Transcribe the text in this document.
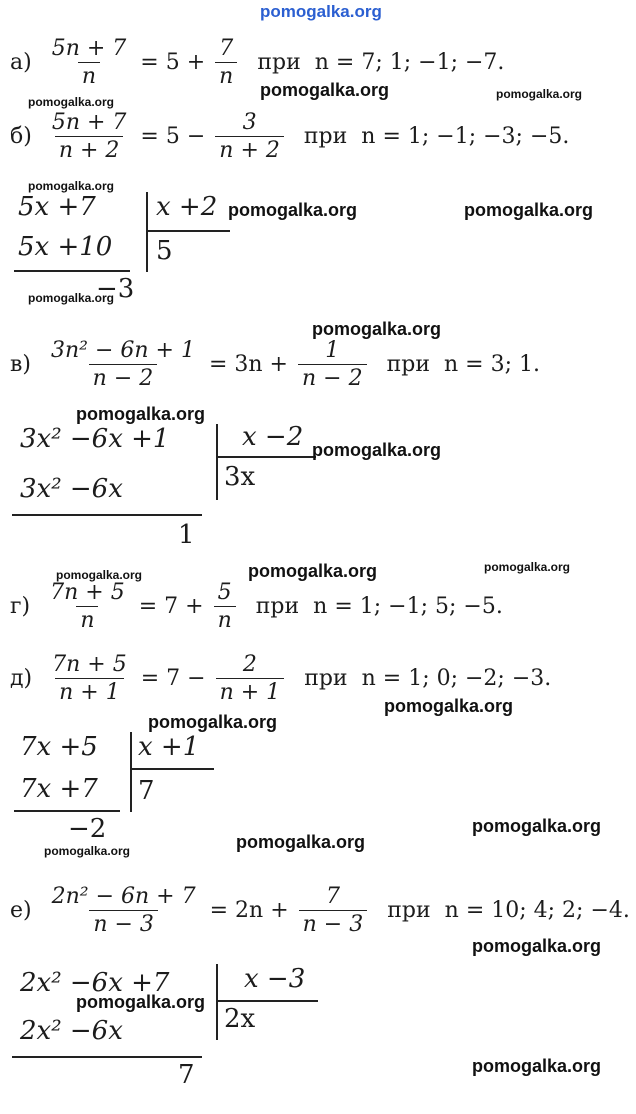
pomogalka.org
$а) \frac{5n + 7}{n} = 5 + \frac{7}{n}$ при n = 7; 1; −1; −7.
pomogalka.org	pomogalka.org
pomogalka.org
$б) \frac{5n + 7}{n + 2} = 5 - \frac{3}{n + 2}$ при n = 1; −1; −3; −5.
pomogalka.org
5x +7
5x +10
x +2
5
−3
pomogalka.org	pomogalka.org
pomogalka.org
pomogalka.org
$в) \frac{\text{3n² − 6n + 1}}{n - 2} = 3n + \frac{1}{n - 2}$ при n = 3; 1.
pomogalka.org
3x² −6x +1
3x² −6x
x −2
3x
1
pomogalka.org
pomogalka.org	pomogalka.org
pomogalka.org
$г) \frac{7n + 5}{n} = 7 + \frac{5}{n}$ при n = 1; −1; 5; −5.
$д) \frac{7n + 5}{n + 1} = 7 - \frac{2}{n + 1}$ при n = 1; 0; −2; −3.
pomogalka.org
pomogalka.org
7x +5
7x +7
x +1
7
−2	pomogalka.org
pomogalka.org
pomogalka.org
$е) \frac{\text{2n² − 6n + 7}}{n - 3} = 2n + \frac{7}{n - 3}$ при n = 10; 4; 2; −4.
pomogalka.org
2x² −6x +7
2x² −6x
x −3
2x
7
pomogalka.org
pomogalka.org
